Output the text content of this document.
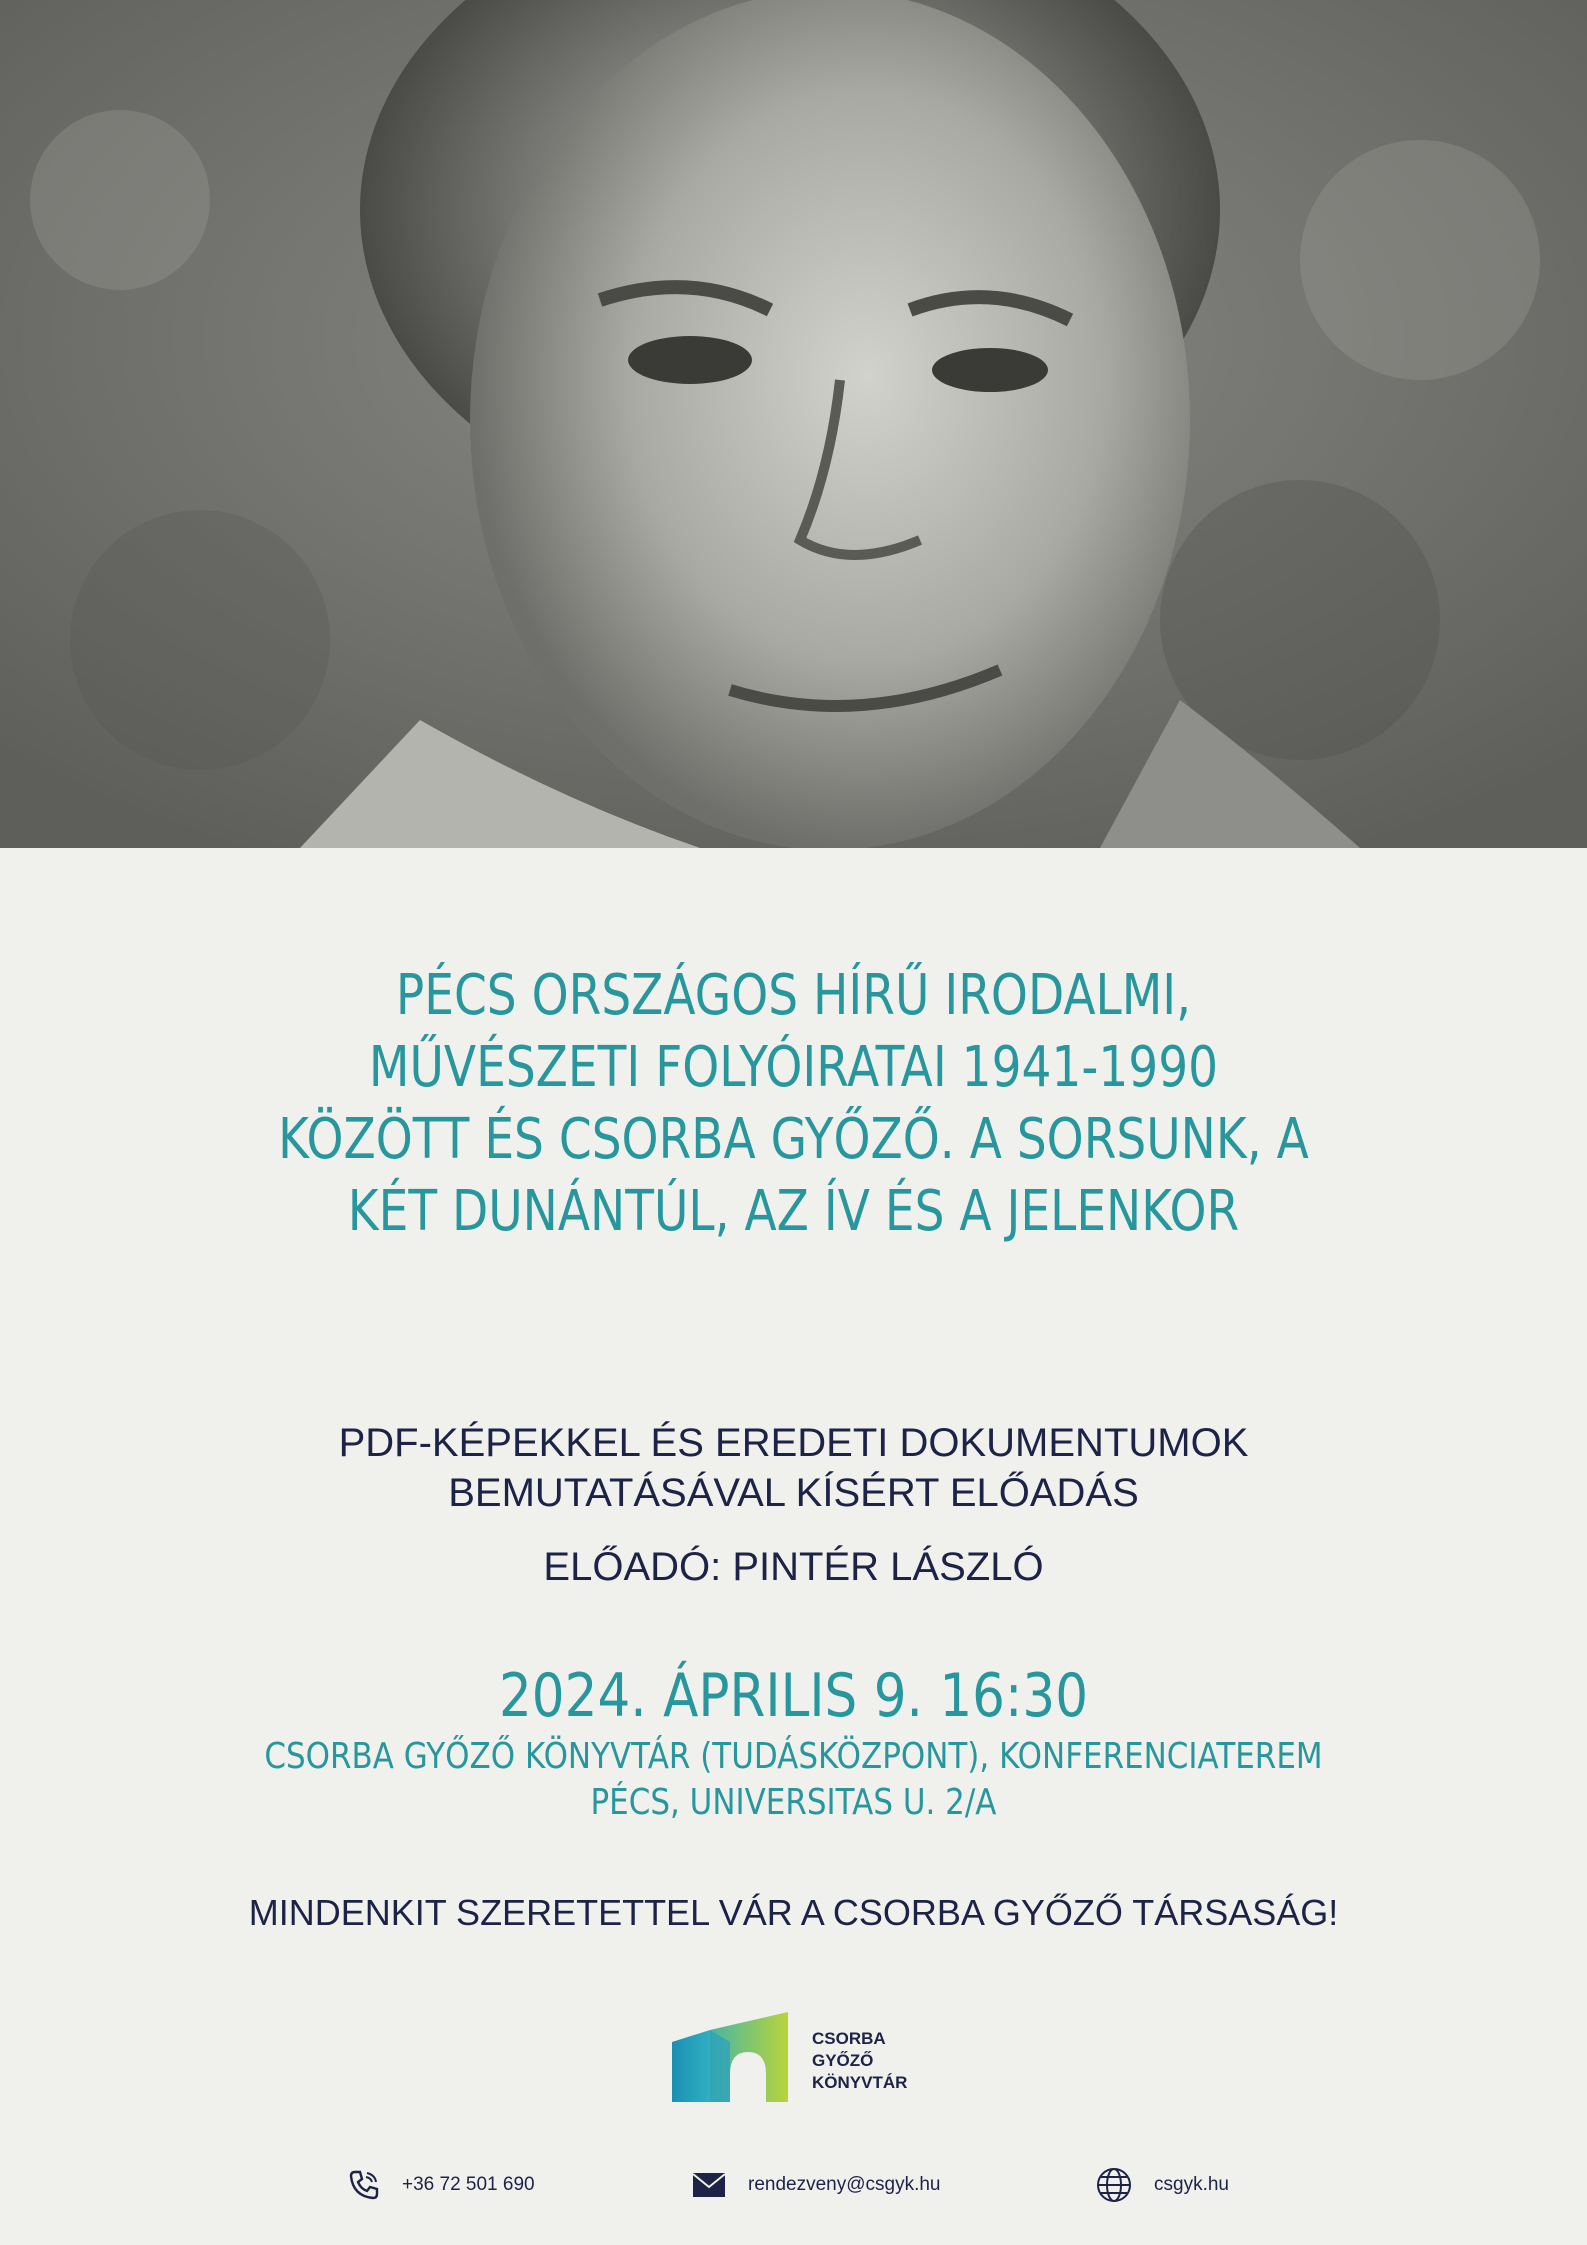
PÉCS ORSZÁGOS HÍRŰ IRODALMI,
MŰVÉSZETI FOLYÓIRATAI 1941-1990
KÖZÖTT ÉS CSORBA GYŐZŐ. A SORSUNK, A
KÉT DUNÁNTÚL, AZ ÍV ÉS A JELENKOR
PDF-KÉPEKKEL ÉS EREDETI DOKUMENTUMOK
BEMUTATÁSÁVAL KÍSÉRT ELŐADÁS
ELŐADÓ: PINTÉR LÁSZLÓ
2024. ÁPRILIS 9. 16:30
CSORBA GYŐZŐ KÖNYVTÁR (TUDÁSKÖZPONT), KONFERENCIATEREM
PÉCS, UNIVERSITAS U. 2/A
MINDENKIT SZERETETTEL VÁR A CSORBA GYŐZŐ TÁRSASÁG!
CSORBA
GYŐZŐ
KÖNYVTÁR
+36 72 501 690	rendezveny@csgyk.hu	csgyk.hu
